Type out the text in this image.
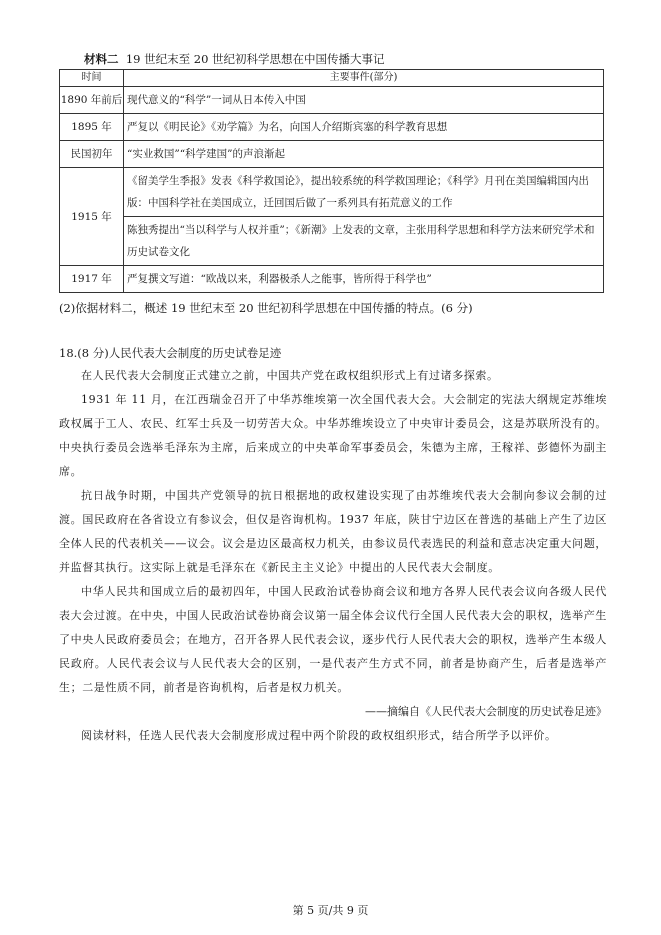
材料二 19 世纪末至 20 世纪初科学思想在中国传播大事记
时间	主要事件(部分)
1890 年前后	现代意义的“科学”一词从日本传入中国
1895 年	严复以《明民论》《劝学篇》为名，向国人介绍斯宾塞的科学教育思想
民国初年	“实业救国”“科学建国”的声浪渐起
1915 年	《留美学生季报》发表《科学救国论》，提出较系统的科学救国理论；《科学》月刊在美国编辑国内出版：中国科学社在美国成立，迁回国后做了一系列具有拓荒意义的工作
	陈独秀提出“当以科学与人权并重”；《新潮》上发表的文章，主张用科学思想和科学方法来研究学术和历史试卷文化
1917 年	严复撰文写道：“欧战以来，利器极杀人之能事，皆所得于科学也”
(2)依据材料二，概述 19 世纪末至 20 世纪初科学思想在中国传播的特点。(6 分)
18.(8 分)人民代表大会制度的历史试卷足迹

在人民代表大会制度正式建立之前，中国共产党在政权组织形式上有过诸多探索。

1931 年 11 月，在江西瑞金召开了中华苏维埃第一次全国代表大会。大会制定的宪法大纲规定苏维埃政权属于工人、农民、红军士兵及一切劳苦大众。中华苏维埃设立了中央审计委员会，这是苏联所没有的。中央执行委员会选举毛泽东为主席，后来成立的中央革命军事委员会，朱德为主席，王稼祥、彭德怀为副主席。

抗日战争时期，中国共产党领导的抗日根据地的政权建设实现了由苏维埃代表大会制向参议会制的过渡。国民政府在各省设立有参议会，但仅是咨询机构。1937 年底，陕甘宁边区在普选的基础上产生了边区全体人民的代表机关——议会。议会是边区最高权力机关，由参议员代表选民的利益和意志决定重大问题，并监督其执行。这实际上就是毛泽东在《新民主主义论》中提出的人民代表大会制度。

中华人民共和国成立后的最初四年，中国人民政治试卷协商会议和地方各界人民代表会议向各级人民代表大会过渡。在中央，中国人民政治试卷协商会议第一届全体会议代行全国人民代表大会的职权，选举产生了中央人民政府委员会；在地方，召开各界人民代表会议，逐步代行人民代表大会的职权，选举产生本级人民政府。人民代表会议与人民代表大会的区别，一是代表产生方式不同，前者是协商产生，后者是选举产生；二是性质不同，前者是咨询机构，后者是权力机关。

——摘编自《人民代表大会制度的历史试卷足迹》

阅读材料，任选人民代表大会制度形成过程中两个阶段的政权组织形式，结合所学予以评价。

第 5 页/共 9 页
